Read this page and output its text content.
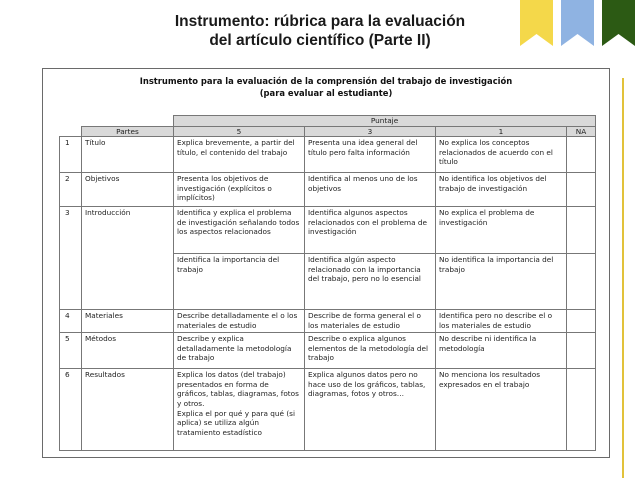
Instrumento: rúbrica para la evaluación
del artículo científico (Parte II)
Instrumento para la evaluación de la comprensión del trabajo de investigación
(para evaluar al estudiante)
		Puntaje			
	Partes	5	3	1	NA
1	Título	Explica brevemente, a partir del título, el contenido del trabajo	Presenta una idea general del título pero falta información	No explica los conceptos relacionados de acuerdo con el título	
2	Objetivos	Presenta los objetivos de investigación (explícitos o implícitos)	Identifica al menos uno de los objetivos	No identifica los objetivos del trabajo de investigación	
3	Introducción	Identifica y explica el problema de investigación señalando todos los aspectos relacionados	Identifica algunos aspectos relacionados con el problema de investigación	No explica el problema de investigación	
		Identifica la importancia del trabajo	Identifica algún aspecto relacionado con la importancia del trabajo, pero no lo esencial	No identifica la importancia del trabajo	
4	Materiales	Describe detalladamente el o los materiales de estudio	Describe de forma general el o los materiales de estudio	Identifica pero no describe el o los materiales de estudio	
5	Métodos	Describe y explica detalladamente la metodología de trabajo	Describe o explica algunos elementos de la metodología del trabajo	No describe ni identifica la metodología	
6	Resultados	Explica los datos (del trabajo) presentados en forma de gráficos, tablas, diagramas, fotos y otros.
Explica el por qué y para qué (si aplica) se utiliza algún tratamiento estadístico	Explica algunos datos pero no hace uso de los gráficos, tablas, diagramas, fotos y otros…	No menciona los resultados expresados en el trabajo	
